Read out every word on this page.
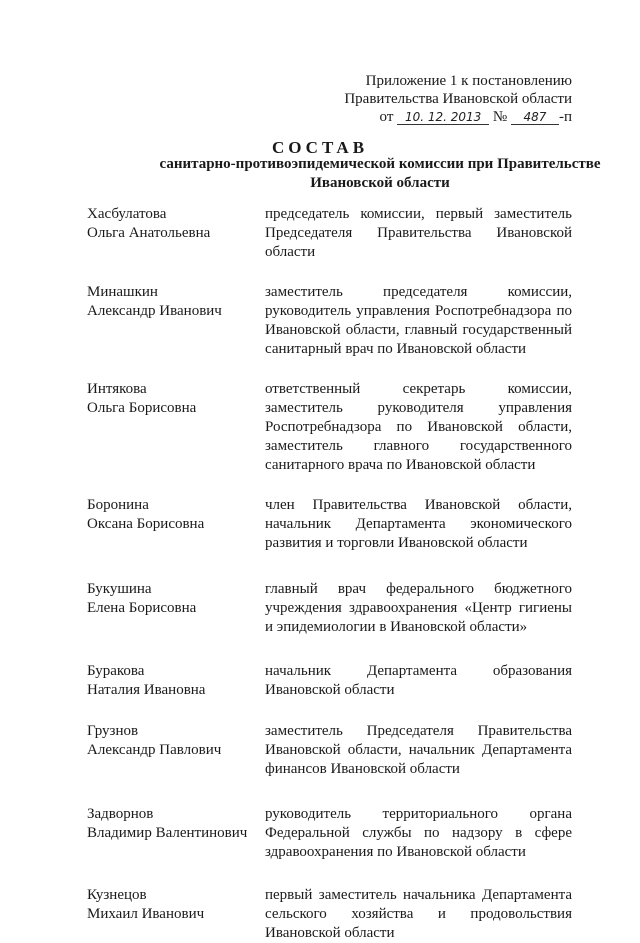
Приложение 1 к постановлению
Правительства Ивановской области
от 10. 12. 2013 № 487 -п
СОСТАВ
санитарно-противоэпидемической комиссии при Правительстве
Ивановской области
Хасбулатова
Ольга Анатольевна
председатель комиссии, первый заместитель Председателя Правительства Ивановской области
Минашкин
Александр Иванович
заместитель председателя комиссии, руководитель управления Роспотребнадзора по Ивановской области, главный государственный санитарный врач по Ивановской области
Интякова
Ольга Борисовна
ответственный секретарь комиссии, заместитель руководителя управления Роспотребнадзора по Ивановской области, заместитель главного государственного санитарного врача по Ивановской области
Боронина
Оксана Борисовна
член Правительства Ивановской области, начальник Департамента экономического развития и торговли Ивановской области
Букушина
Елена Борисовна
главный врач федерального бюджетного учреждения здравоохранения «Центр гигиены и эпидемиологии в Ивановской области»
Буракова
Наталия Ивановна
начальник Департамента образования Ивановской области
Грузнов
Александр Павлович
заместитель Председателя Правительства Ивановской области, начальник Департамента финансов Ивановской области
Задворнов
Владимир Валентинович
руководитель территориального органа Федеральной службы по надзору в сфере здравоохранения по Ивановской области
Кузнецов
Михаил Иванович
первый заместитель начальника Департамента сельского хозяйства и продовольствия Ивановской области
